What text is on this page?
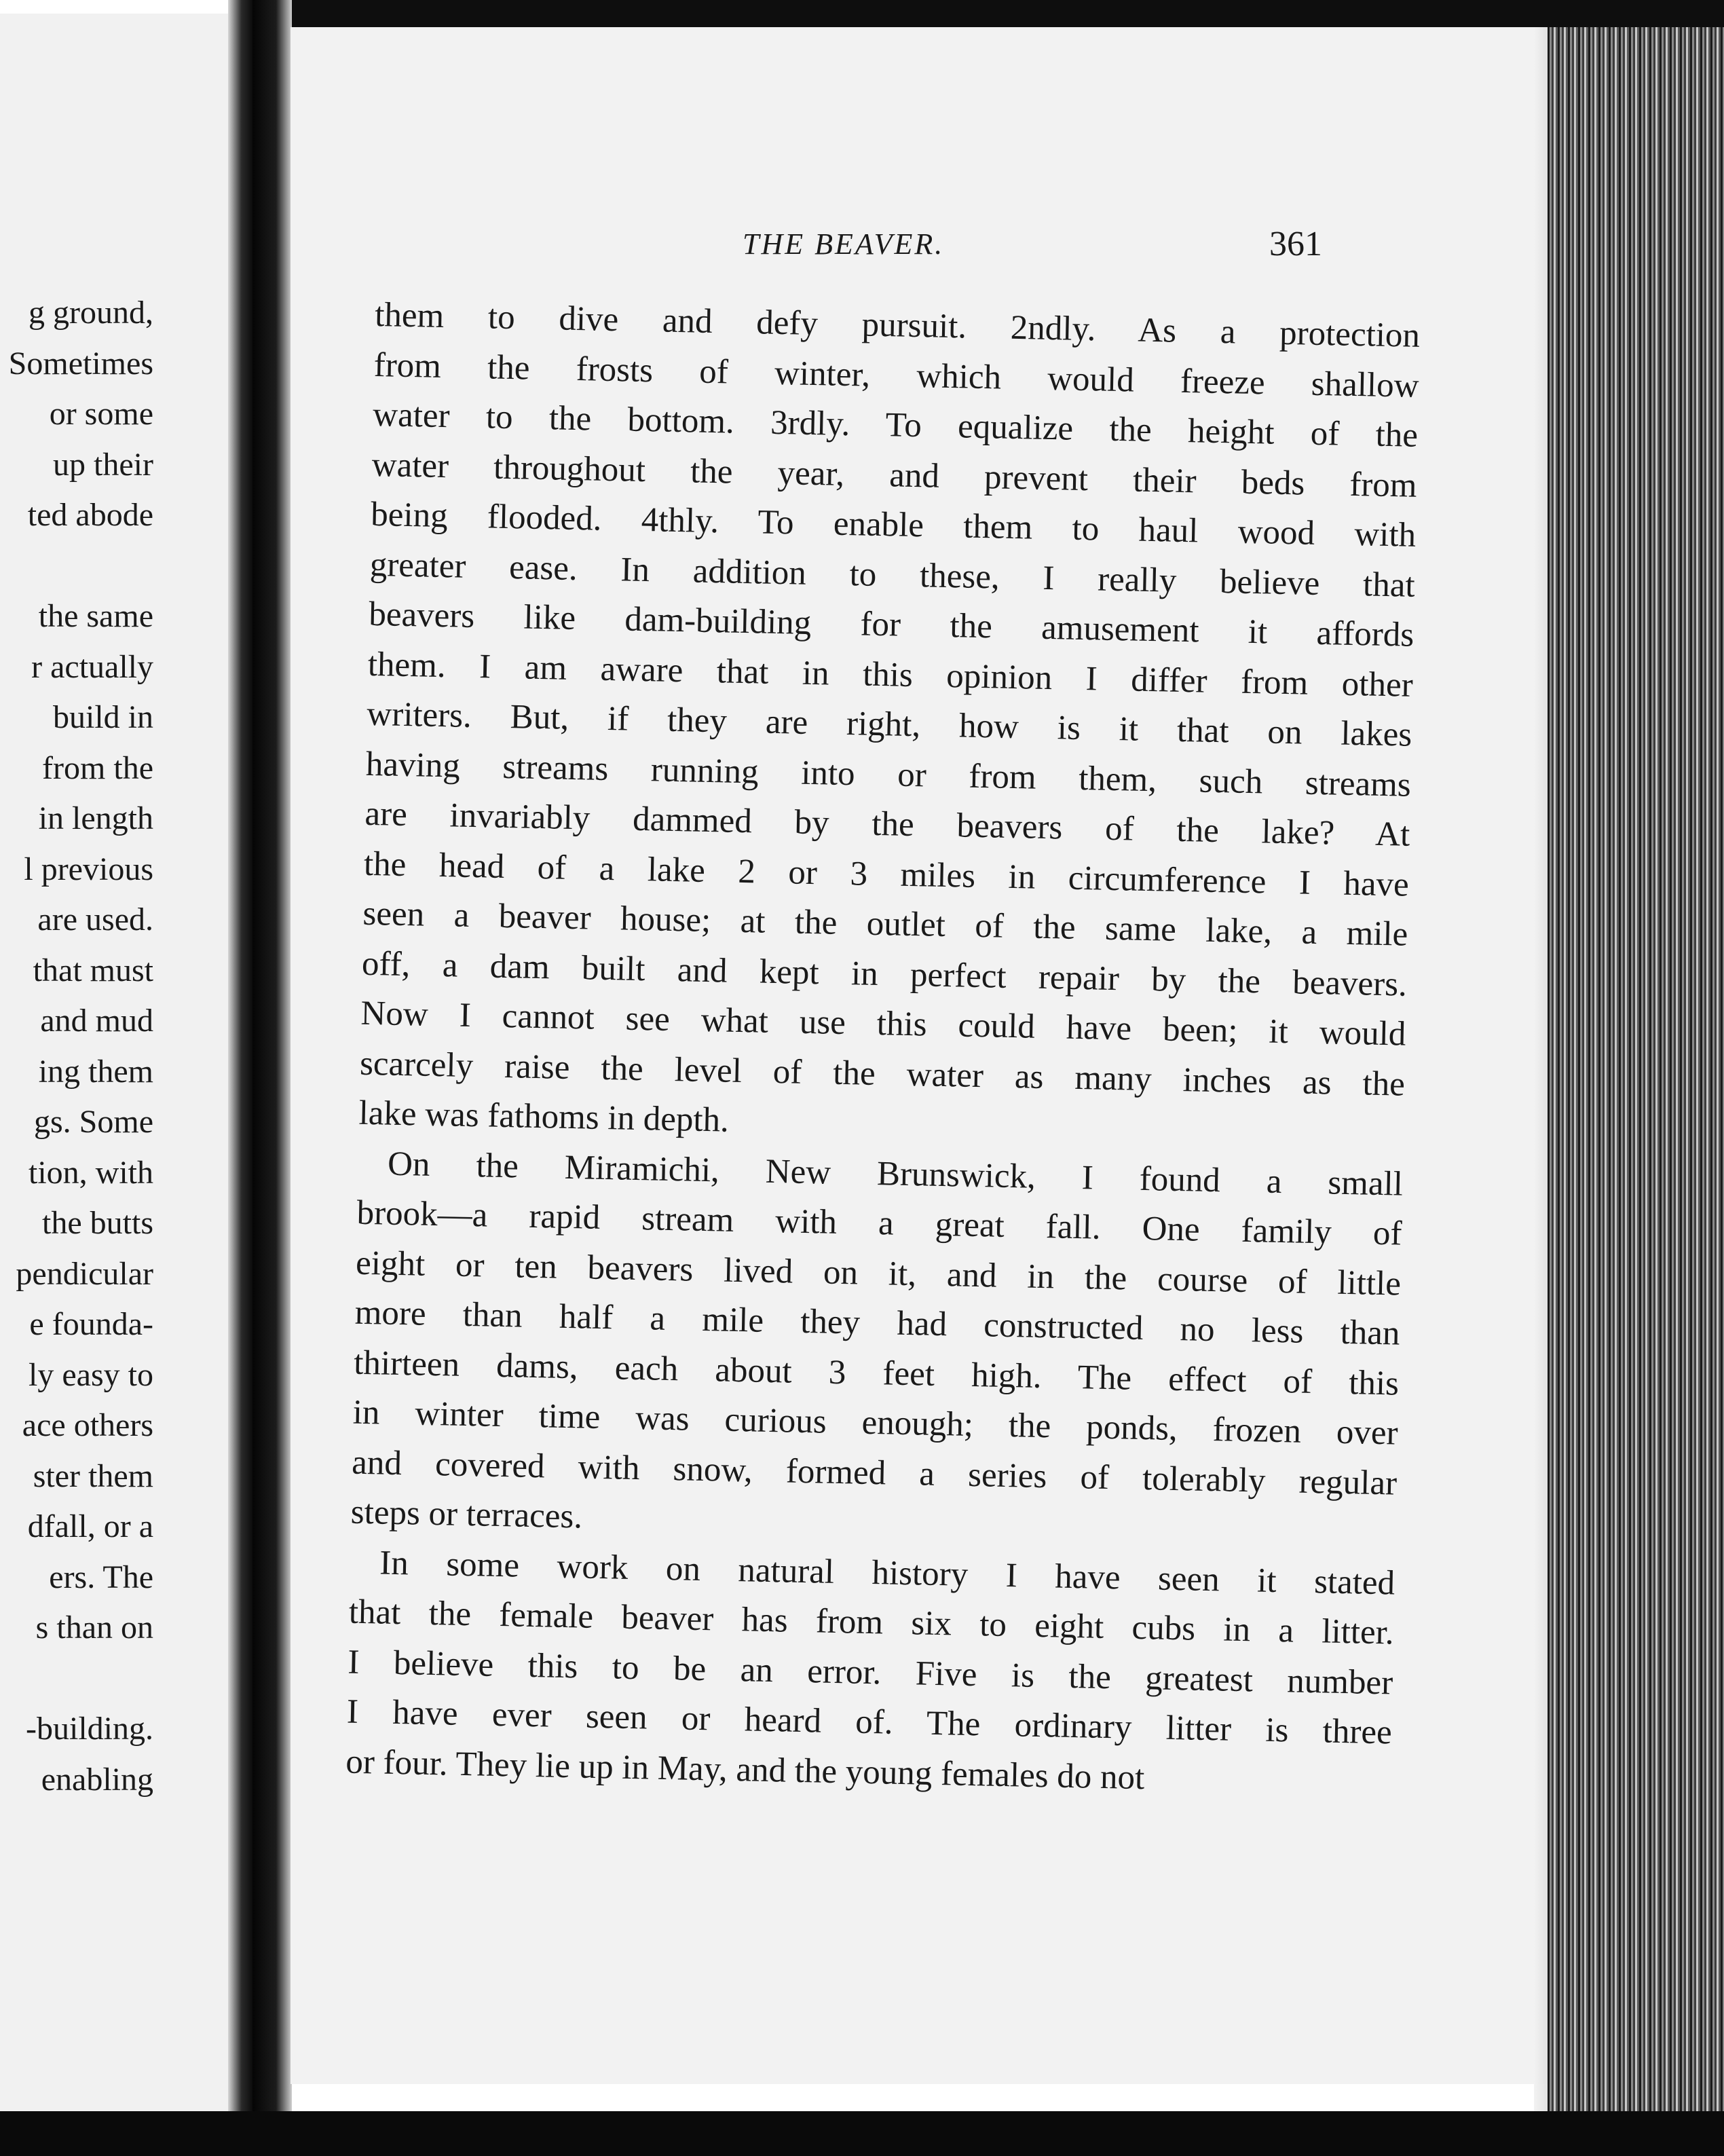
g ground,
Sometimes
or some
up their
ted abode
the same
r actually
build in
from the
in length
l previous
are used.
that must
and mud
ing them
gs. Some
tion, with
the butts
pendicular
e founda-
ly easy to
ace others
ster them
dfall, or a
ers. The
s than on
-building.
enabling
THE BEAVER.	361
them to dive and defy pursuit. 2ndly. As a protection
from the frosts of winter, which would freeze shallow
water to the bottom. 3rdly. To equalize the height of the
water throughout the year, and prevent their beds from
being flooded. 4thly. To enable them to haul wood with
greater ease. In addition to these, I really believe that
beavers like dam-building for the amusement it affords
them. I am aware that in this opinion I differ from other
writers. But, if they are right, how is it that on lakes
having streams running into or from them, such streams
are invariably dammed by the beavers of the lake? At
the head of a lake 2 or 3 miles in circumference I have
seen a beaver house; at the outlet of the same lake, a mile
off, a dam built and kept in perfect repair by the beavers.
Now I cannot see what use this could have been; it would
scarcely raise the level of the water as many inches as the
lake was fathoms in depth.
On the Miramichi, New Brunswick, I found a small
brook—a rapid stream with a great fall. One family of
eight or ten beavers lived on it, and in the course of little
more than half a mile they had constructed no less than
thirteen dams, each about 3 feet high. The effect of this
in winter time was curious enough; the ponds, frozen over
and covered with snow, formed a series of tolerably regular
steps or terraces.
In some work on natural history I have seen it stated
that the female beaver has from six to eight cubs in a litter.
I believe this to be an error. Five is the greatest number
I have ever seen or heard of. The ordinary litter is three
or four. They lie up in May, and the young females do not
